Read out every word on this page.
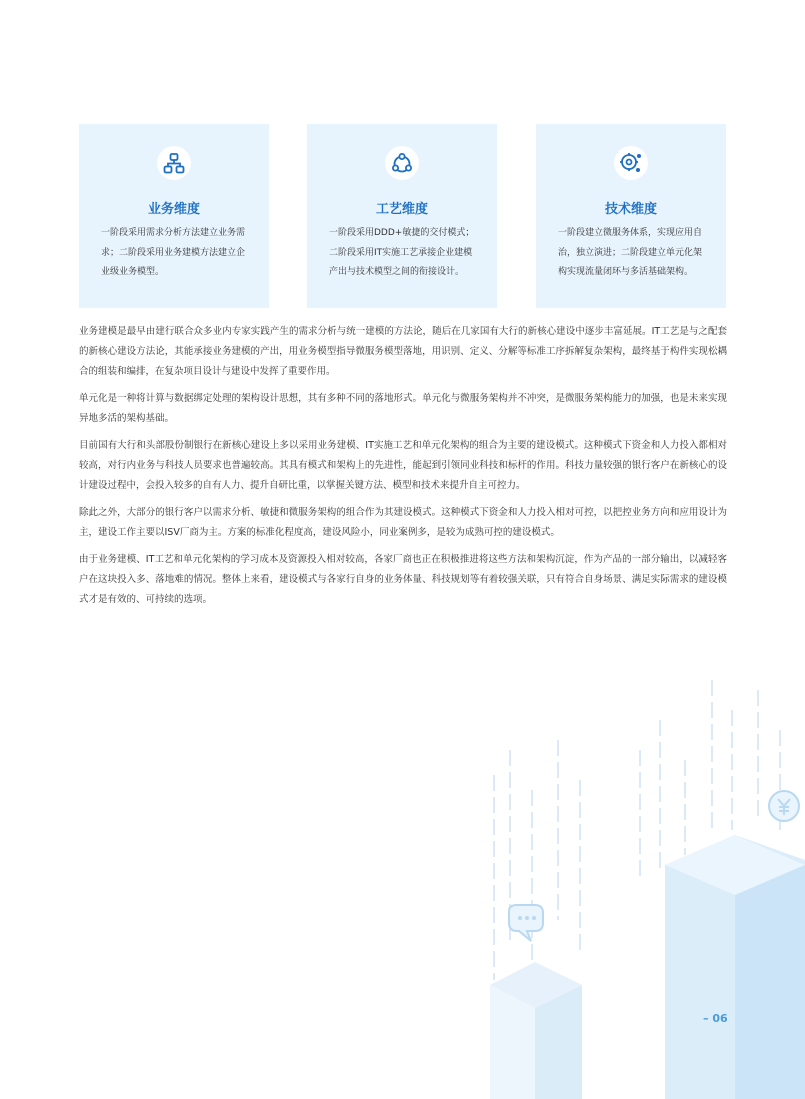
业务维度
一阶段采用需求分析方法建立业务需求；二阶段采用业务建模方法建立企业级业务模型。
工艺维度
一阶段采用DDD+敏捷的交付模式；二阶段采用IT实施工艺承接企业建模产出与技术模型之间的衔接设计。
技术维度
一阶段建立微服务体系，实现应用自治，独立演进；二阶段建立单元化架构实现流量闭环与多活基础架构。

业务建模是最早由建行联合众多业内专家实践产生的需求分析与统一建模的方法论，随后在几家国有大行的新核心建设中逐步丰富延展。IT工艺是与之配套的新核心建设方法论，其能承接业务建模的产出，用业务模型指导微服务模型落地，用识别、定义、分解等标准工序拆解复杂架构，最终基于构件实现松耦合的组装和编排，在复杂项目设计与建设中发挥了重要作用。

单元化是一种将计算与数据绑定处理的架构设计思想，其有多种不同的落地形式。单元化与微服务架构并不冲突，是微服务架构能力的加强，也是未来实现异地多活的架构基础。

目前国有大行和头部股份制银行在新核心建设上多以采用业务建模、IT实施工艺和单元化架构的组合为主要的建设模式。这种模式下资金和人力投入都相对较高，对行内业务与科技人员要求也普遍较高。其具有模式和架构上的先进性，能起到引领同业科技和标杆的作用。科技力量较强的银行客户在新核心的设计建设过程中，会投入较多的自有人力、提升自研比重，以掌握关键方法、模型和技术来提升自主可控力。

除此之外，大部分的银行客户以需求分析、敏捷和微服务架构的组合作为其建设模式。这种模式下资金和人力投入相对可控，以把控业务方向和应用设计为主，建设工作主要以ISV厂商为主。方案的标准化程度高，建设风险小，同业案例多，是较为成熟可控的建设模式。

由于业务建模、IT工艺和单元化架构的学习成本及资源投入相对较高，各家厂商也正在积极推进将这些方法和架构沉淀，作为产品的一部分输出，以减轻客户在这块投入多、落地难的情况。整体上来看，建设模式与各家行自身的业务体量、科技规划等有着较强关联，只有符合自身场景、满足实际需求的建设模式才是有效的、可持续的选项。

– 06
